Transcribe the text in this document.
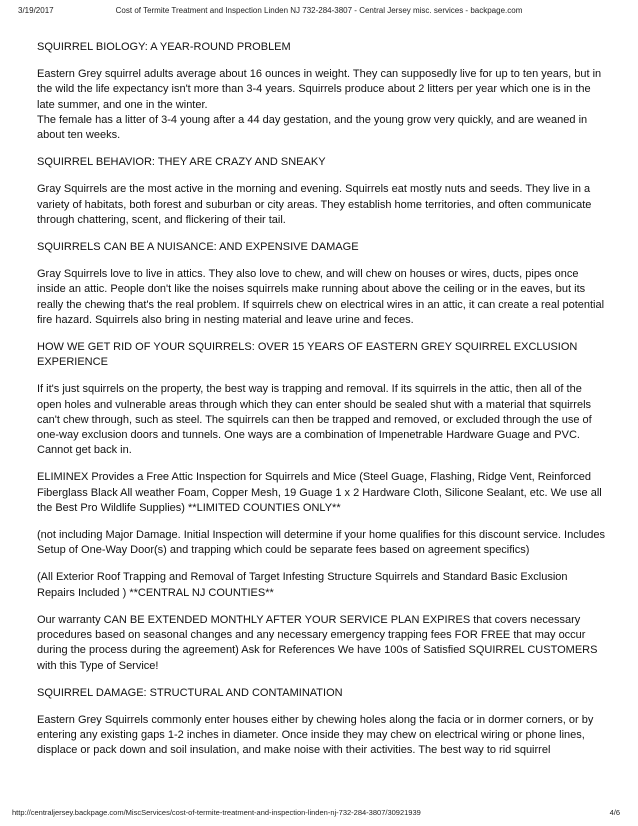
3/19/2017	Cost of Termite Treatment and Inspection Linden NJ 732-284-3807 - Central Jersey misc. services - backpage.com

SQUIRREL BIOLOGY: A YEAR-ROUND PROBLEM

Eastern Grey squirrel adults average about 16 ounces in weight. They can supposedly live for up to ten years, but in the wild the life expectancy isn't more than 3-4 years. Squirrels produce about 2 litters per year which one is in the late summer, and one in the winter.
The female has a litter of 3-4 young after a 44 day gestation, and the young grow very quickly, and are weaned in about ten weeks.

SQUIRREL BEHAVIOR: THEY ARE CRAZY AND SNEAKY

Gray Squirrels are the most active in the morning and evening. Squirrels eat mostly nuts and seeds. They live in a variety of habitats, both forest and suburban or city areas. They establish home territories, and often communicate through chattering, scent, and flickering of their tail.

SQUIRRELS CAN BE A NUISANCE: AND EXPENSIVE DAMAGE

Gray Squirrels love to live in attics. They also love to chew, and will chew on houses or wires, ducts, pipes once inside an attic. People don't like the noises squirrels make running about above the ceiling or in the eaves, but its really the chewing that's the real problem. If squirrels chew on electrical wires in an attic, it can create a real potential fire hazard. Squirrels also bring in nesting material and leave urine and feces.

HOW WE GET RID OF YOUR SQUIRRELS: OVER 15 YEARS OF EASTERN GREY SQUIRREL EXCLUSION EXPERIENCE

If it's just squirrels on the property, the best way is trapping and removal. If its squirrels in the attic, then all of the open holes and vulnerable areas through which they can enter should be sealed shut with a material that squirrels can't chew through, such as steel. The squirrels can then be trapped and removed, or excluded through the use of one-way exclusion doors and tunnels. One ways are a combination of Impenetrable Hardware Guage and PVC. Cannot get back in.

ELIMINEX Provides a Free Attic Inspection for Squirrels and Mice (Steel Guage, Flashing, Ridge Vent, Reinforced Fiberglass Black All weather Foam, Copper Mesh, 19 Guage 1 x 2 Hardware Cloth, Silicone Sealant, etc. We use all the Best Pro Wildlife Supplies) **LIMITED COUNTIES ONLY**

(not including Major Damage. Initial Inspection will determine if your home qualifies for this discount service. Includes Setup of One-Way Door(s) and trapping which could be separate fees based on agreement specifics)

(All Exterior Roof Trapping and Removal of Target Infesting Structure Squirrels and Standard Basic Exclusion Repairs Included ) **CENTRAL NJ COUNTIES**

Our warranty CAN BE EXTENDED MONTHLY AFTER YOUR SERVICE PLAN EXPIRES that covers necessary procedures based on seasonal changes and any necessary emergency trapping fees FOR FREE that may occur during the process during the agreement) Ask for References We have 100s of Satisfied SQUIRREL CUSTOMERS with this Type of Service!

SQUIRREL DAMAGE: STRUCTURAL AND CONTAMINATION

Eastern Grey Squirrels commonly enter houses either by chewing holes along the facia or in dormer corners, or by entering any existing gaps 1-2 inches in diameter. Once inside they may chew on electrical wiring or phone lines, displace or pack down and soil insulation, and make noise with their activities. The best way to rid squirrel

http://centraljersey.backpage.com/MiscServices/cost-of-termite-treatment-and-inspection-linden-nj-732-284-3807/30921939	4/6
